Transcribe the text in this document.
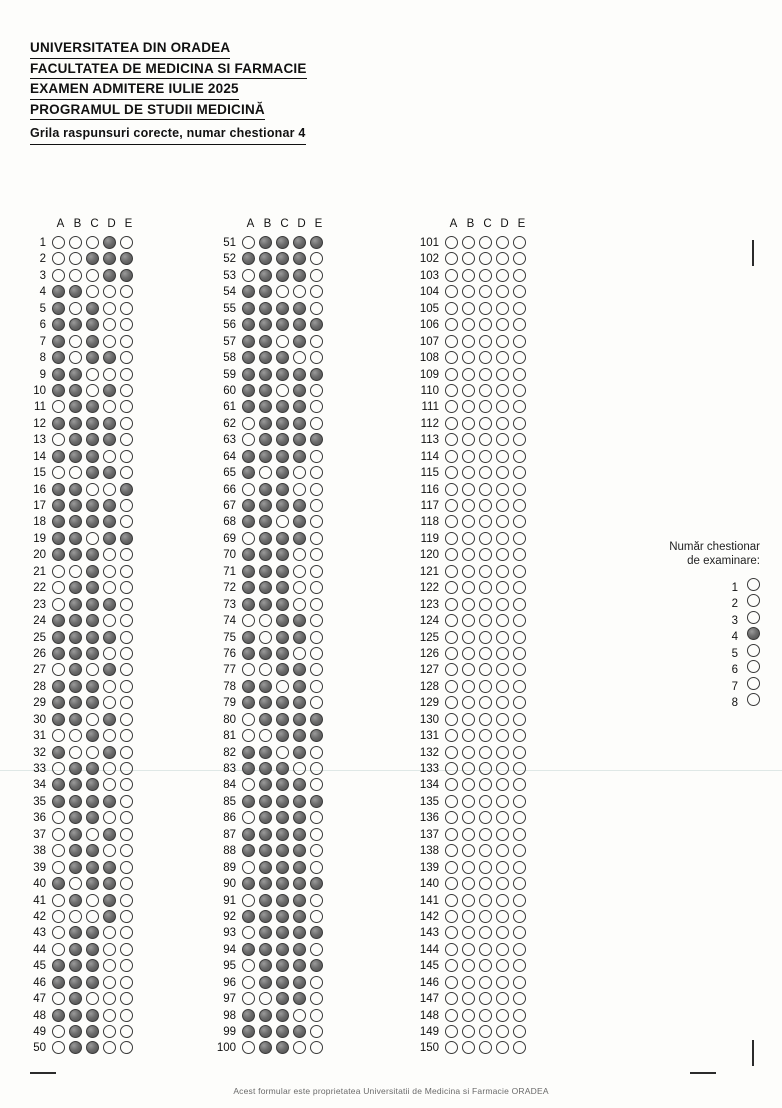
UNIVERSITATEA DIN ORADEA
FACULTATEA DE MEDICINA SI FARMACIE
EXAMEN ADMITERE IULIE 2025
PROGRAMUL DE STUDII MEDICINĂ
Grila raspunsuri corecte, numar chestionar 4
A B C D E
1
2
3
4
5
6
7
8
9
10
11
12
13
14
15
16
17
18
19
20
21
22
23
24
25
26
27
28
29
30
31
32
33
34
35
36
37
38
39
40
41
42
43
44
45
46
47
48
49
50
A B C D E
51
52
53
54
55
56
57
58
59
60
61
62
63
64
65
66
67
68
69
70
71
72
73
74
75
76
77
78
79
80
81
82
83
84
85
86
87
88
89
90
91
92
93
94
95
96
97
98
99
100
A B C D E
101
102
103
104
105
106
107
108
109
110
111
112
113
114
115
116
117
118
119
120
121
122
123
124
125
126
127
128
129
130
131
132
133
134
135
136
137
138
139
140
141
142
143
144
145
146
147
148
149
150
Număr chestionar
de examinare:
1
2
3
4
5
6
7
8
Acest formular este proprietatea Universitatii de Medicina si Farmacie ORADEA
